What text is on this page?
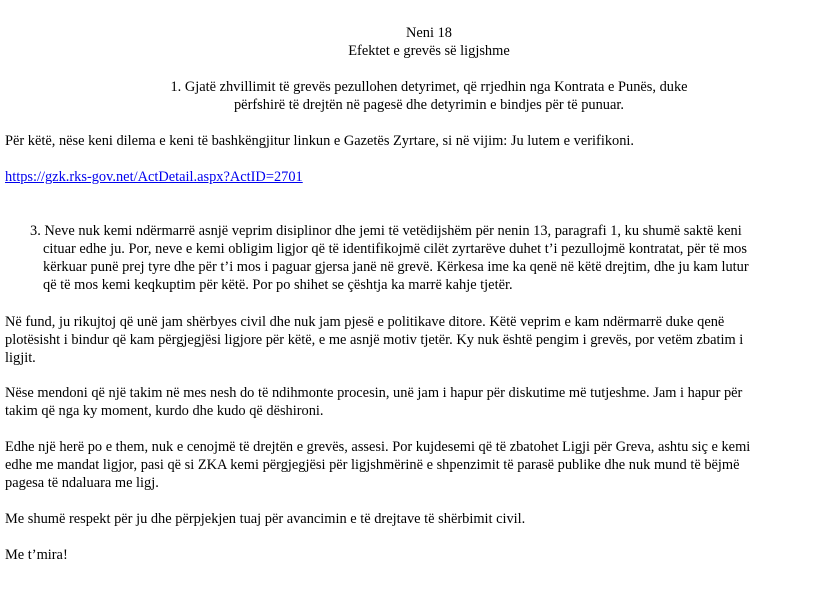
Neni 18
Efektet e grevës së ligjshme
1. Gjatë zhvillimit të grevës pezullohen detyrimet, që rrjedhin nga Kontrata e Punës, duke
përfshirë të drejtën në pagesë dhe detyrimin e bindjes për të punuar.
Për këtë, nëse keni dilema e keni të bashkëngjitur linkun e Gazetës Zyrtare, si në vijim: Ju lutem e verifikoni.
https://gzk.rks-gov.net/ActDetail.aspx?ActID=2701
3. Neve nuk kemi ndërmarrë asnjë veprim disiplinor dhe jemi të vetëdijshëm për nenin 13, paragrafi 1, ku shumë saktë keni
cituar edhe ju. Por, neve e kemi obligim ligjor që të identifikojmë cilët zyrtarëve duhet t’i pezullojmë kontratat, për të mos
kërkuar punë prej tyre dhe për t’i mos i paguar gjersa janë në grevë. Kërkesa ime ka qenë në këtë drejtim, dhe ju kam lutur
që të mos kemi keqkuptim për këtë. Por po shihet se çështja ka marrë kahje tjetër.
Në fund, ju rikujtoj që unë jam shërbyes civil dhe nuk jam pjesë e politikave ditore. Këtë veprim e kam ndërmarrë duke qenë
plotësisht i bindur që kam përgjegjësi ligjore për këtë, e me asnjë motiv tjetër. Ky nuk është pengim i grevës, por vetëm zbatim i
ligjit.
Nëse mendoni që një takim në mes nesh do të ndihmonte procesin, unë jam i hapur për diskutime më tutjeshme. Jam i hapur për
takim që nga ky moment, kurdo dhe kudo që dëshironi.
Edhe një herë po e them, nuk e cenojmë të drejtën e grevës, assesi. Por kujdesemi që të zbatohet Ligji për Greva, ashtu siç e kemi
edhe me mandat ligjor, pasi që si ZKA kemi përgjegjësi për ligjshmërinë e shpenzimit të parasë publike dhe nuk mund të bëjmë
pagesa të ndaluara me ligj.
Me shumë respekt për ju dhe përpjekjen tuaj për avancimin e të drejtave të shërbimit civil.
Me t’mira!
